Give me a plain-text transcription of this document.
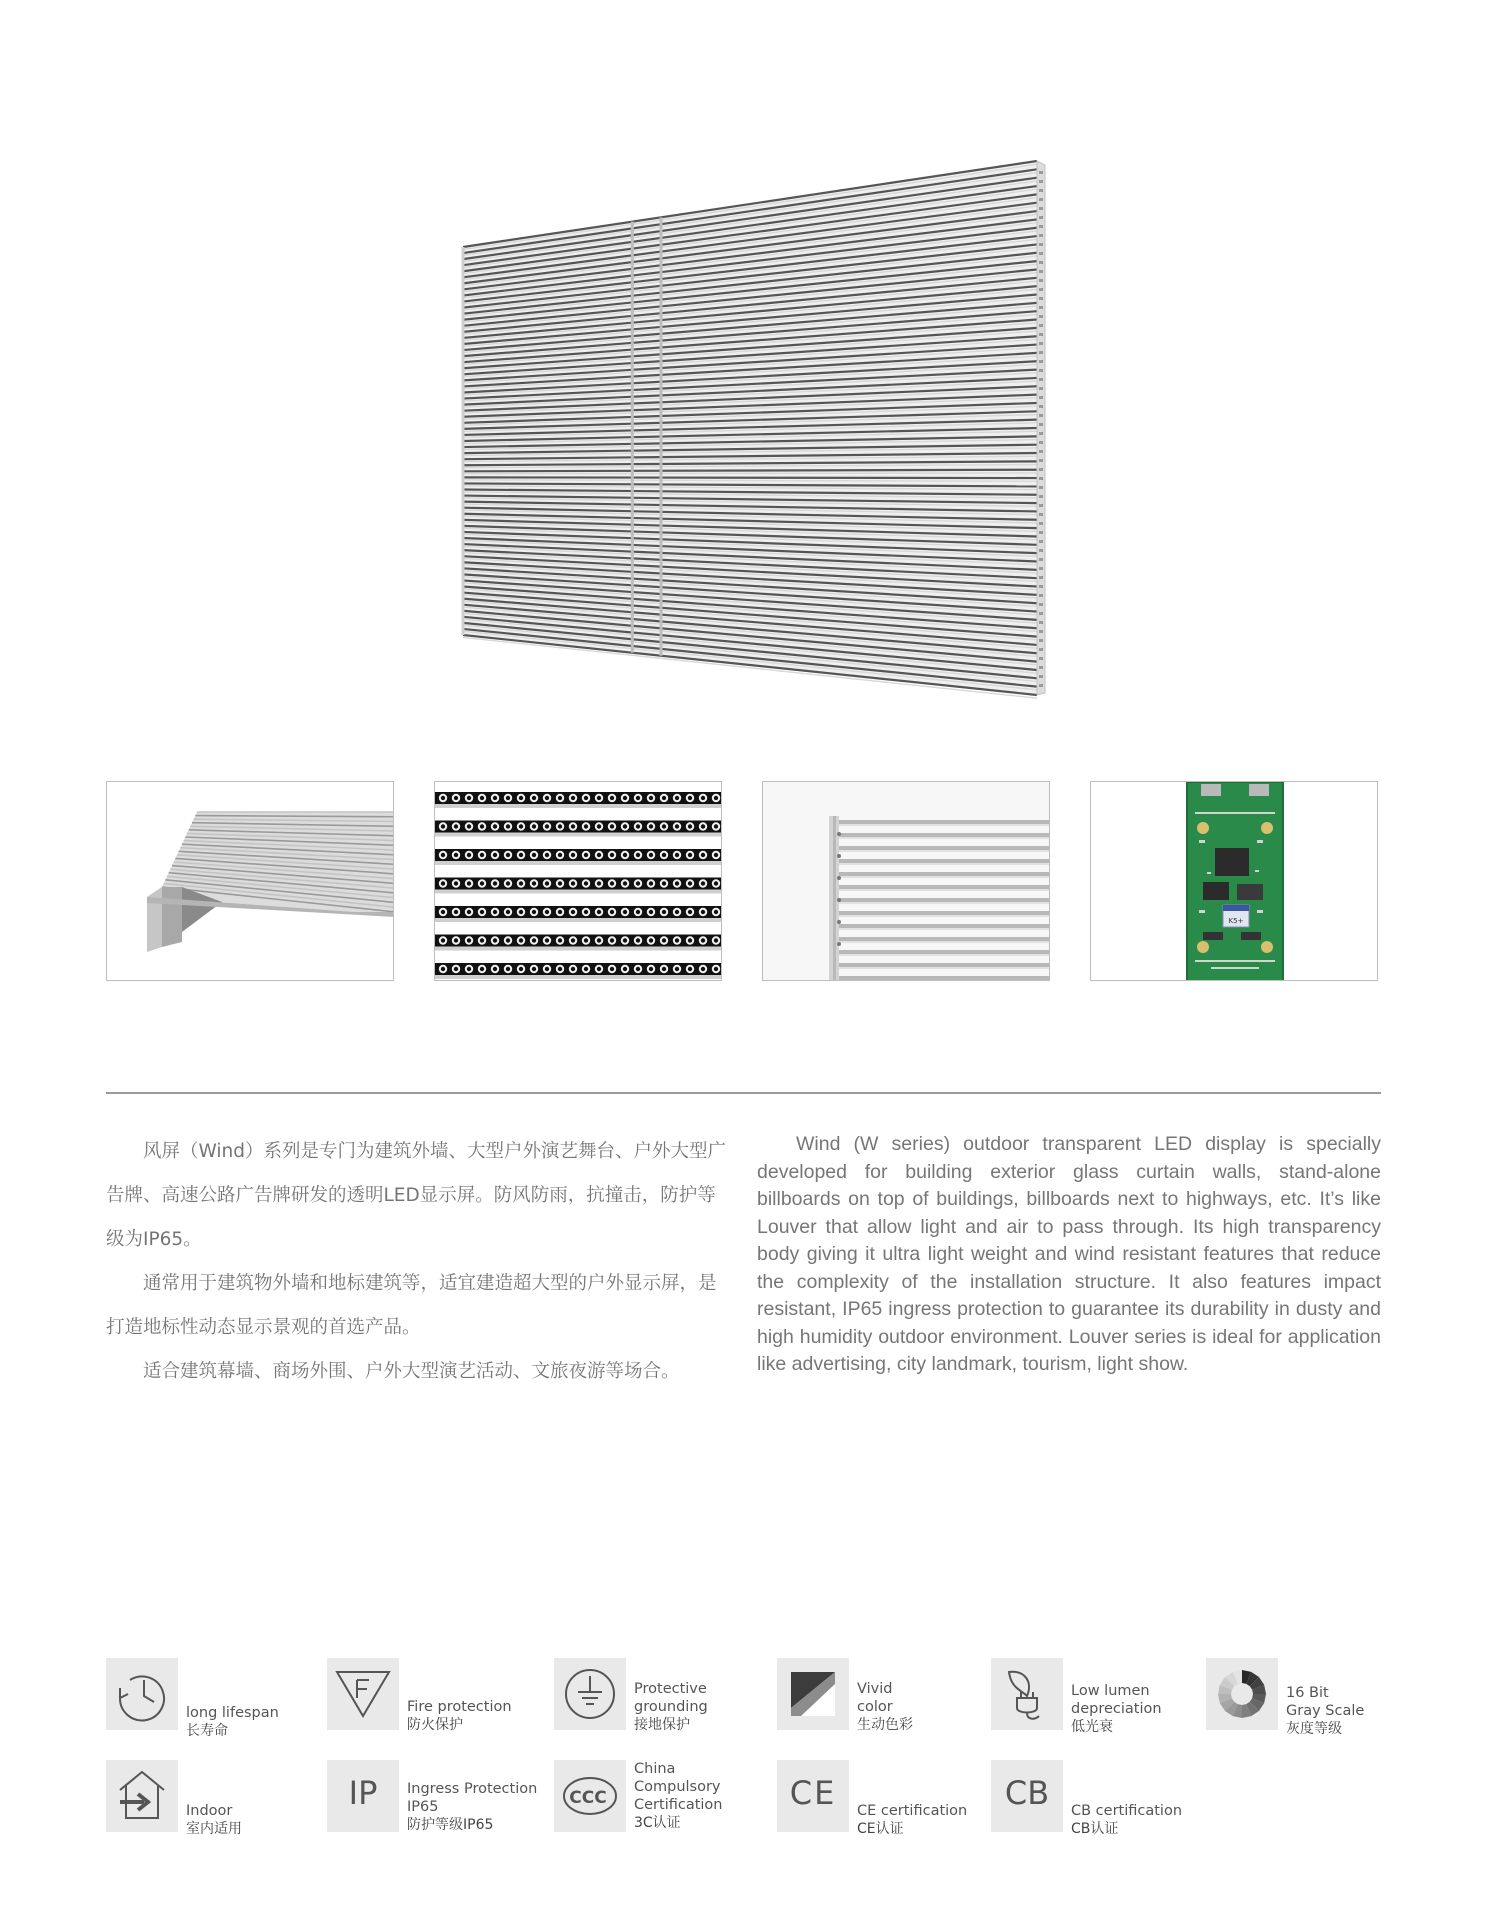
K5+

风屏（Wind）系列是专门为建筑外墙、大型户外演艺舞台、户外大型广告牌、高速公路广告牌研发的透明LED显示屏。防风防雨，抗撞击，防护等级为IP65。

通常用于建筑物外墙和地标建筑等，适宜建造超大型的户外显示屏，是打造地标性动态显示景观的首选产品。

适合建筑幕墙、商场外围、户外大型演艺活动、文旅夜游等场合。

Wind (W series) outdoor transparent LED display is specially developed for building exterior glass curtain walls, stand-alone billboards on top of buildings, billboards next to highways, etc. It’s like Louver that allow light and air to pass through. Its high transparency body giving it ultra light weight and wind resistant features that reduce the complexity of the installation structure. It also features impact resistant, IP65 ingress protection to guarantee its durability in dusty and high humidity outdoor environment. Louver series is ideal for application like advertising, city landmark, tourism, light show.

long lifespan
长寿命
Fire protection
防火保护
Protective
grounding
接地保护
Vivid
color
生动色彩
Low lumen
depreciation
低光衰
16 Bit
Gray Scale
灰度等级
Indoor
室内适用
IP	Ingress Protection
IP65
防护等级IP65
CCC
China
Compulsory
Certification
3C认证
CE	CE certification
CE认证
CB	CB certification
CB认证
